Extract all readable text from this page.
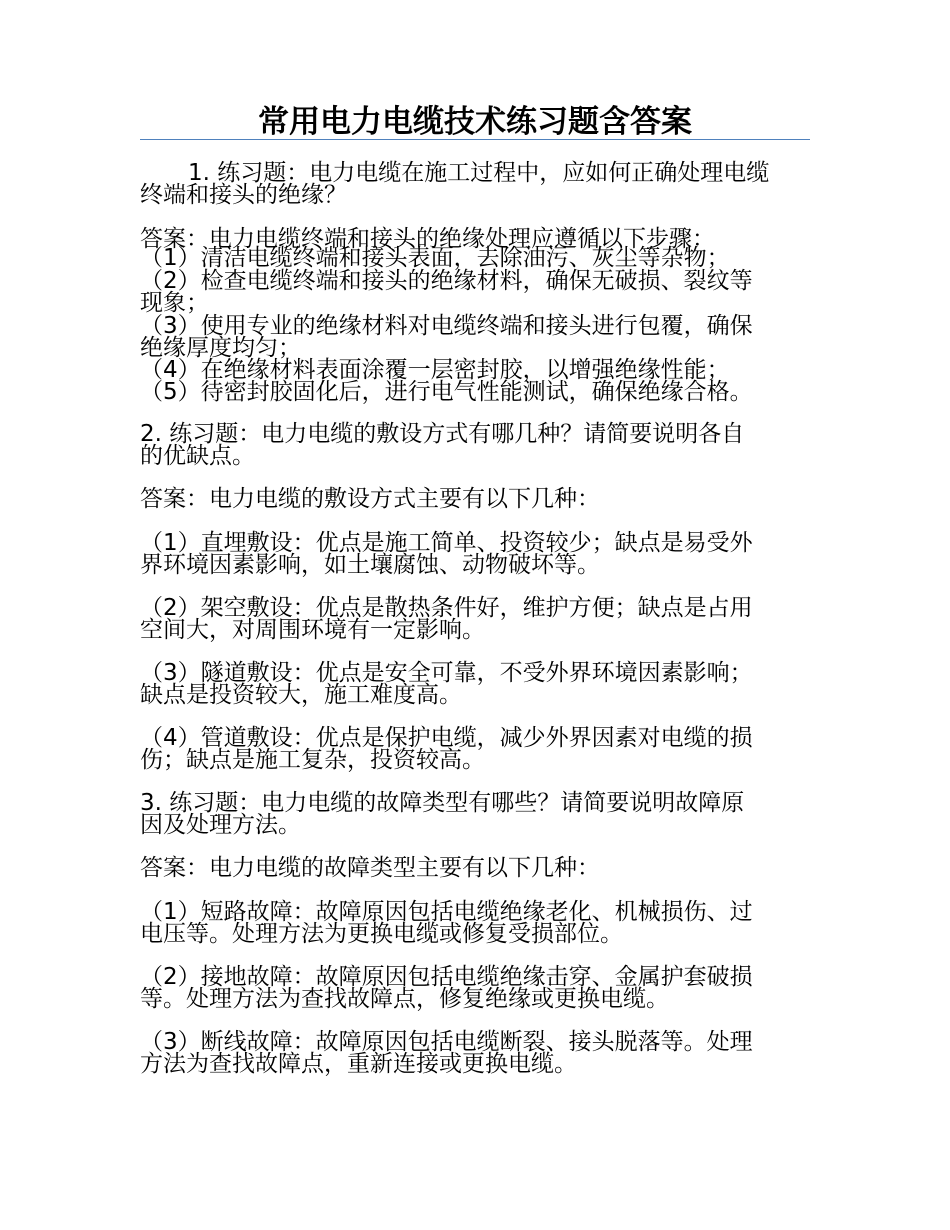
常用电力电缆技术练习题含答案
1. 练习题：电力电缆在施工过程中，应如何正确处理电缆
终端和接头的绝缘？
答案：电力电缆终端和接头的绝缘处理应遵循以下步骤：
（1）清洁电缆终端和接头表面，去除油污、灰尘等杂物；
（2）检查电缆终端和接头的绝缘材料，确保无破损、裂纹等
现象；
（3）使用专业的绝缘材料对电缆终端和接头进行包覆，确保
绝缘厚度均匀；
（4）在绝缘材料表面涂覆一层密封胶，以增强绝缘性能；
（5）待密封胶固化后，进行电气性能测试，确保绝缘合格。
2. 练习题：电力电缆的敷设方式有哪几种？请简要说明各自
的优缺点。
答案：电力电缆的敷设方式主要有以下几种：
（1）直埋敷设：优点是施工简单、投资较少；缺点是易受外
界环境因素影响，如土壤腐蚀、动物破坏等。
（2）架空敷设：优点是散热条件好，维护方便；缺点是占用
空间大，对周围环境有一定影响。
（3）隧道敷设：优点是安全可靠，不受外界环境因素影响；
缺点是投资较大，施工难度高。
（4）管道敷设：优点是保护电缆，减少外界因素对电缆的损
伤；缺点是施工复杂，投资较高。
3. 练习题：电力电缆的故障类型有哪些？请简要说明故障原
因及处理方法。
答案：电力电缆的故障类型主要有以下几种：
（1）短路故障：故障原因包括电缆绝缘老化、机械损伤、过
电压等。处理方法为更换电缆或修复受损部位。
（2）接地故障：故障原因包括电缆绝缘击穿、金属护套破损
等。处理方法为查找故障点，修复绝缘或更换电缆。
（3）断线故障：故障原因包括电缆断裂、接头脱落等。处理
方法为查找故障点，重新连接或更换电缆。
